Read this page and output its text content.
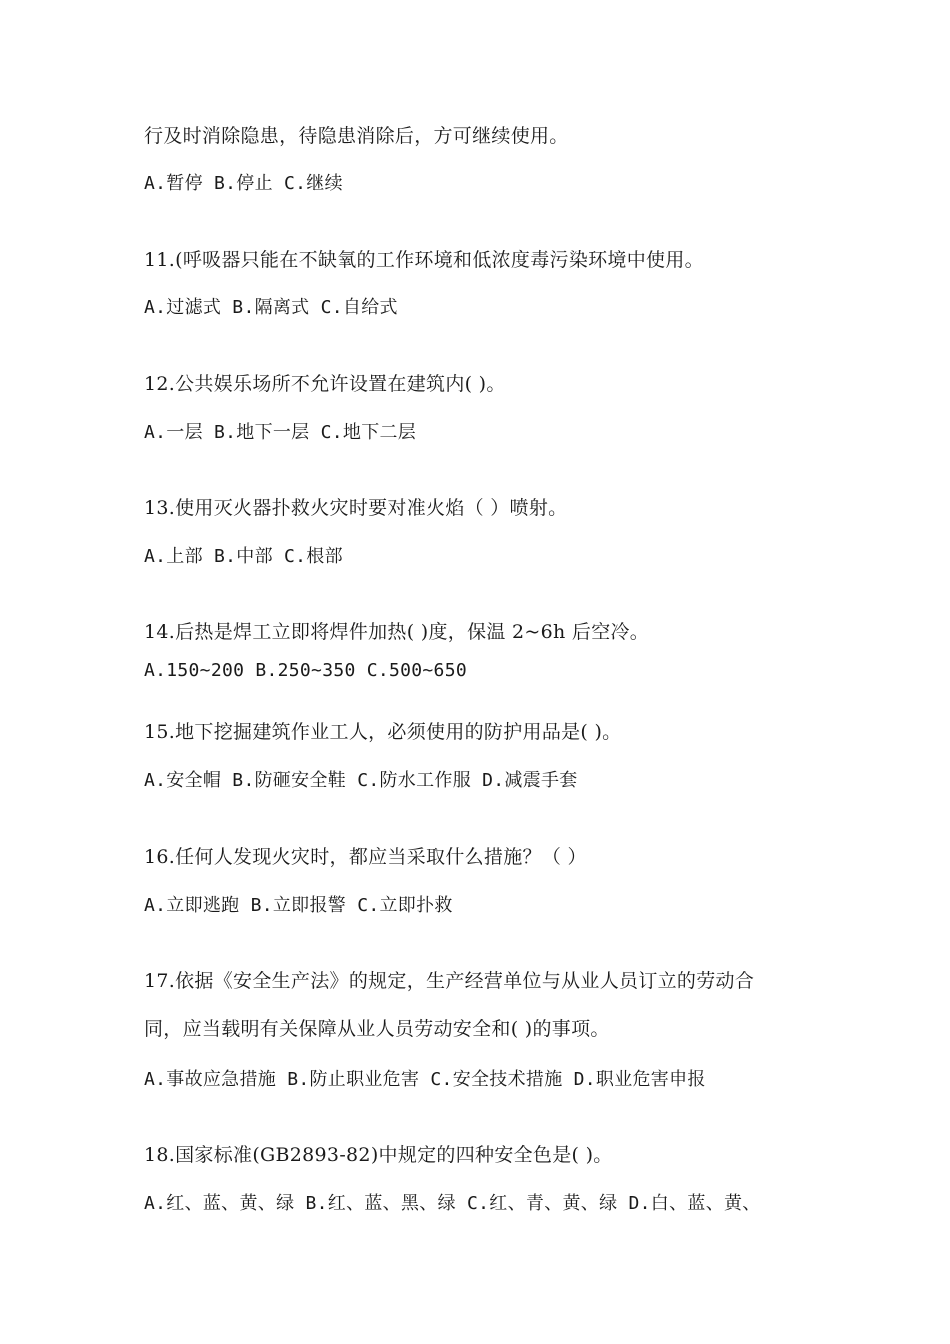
行及时消除隐患，待隐患消除后，方可继续使用。
A.暂停 B.停止 C.继续
11.(呼吸器只能在不缺氧的工作环境和低浓度毒污染环境中使用。
A.过滤式 B.隔离式 C.自给式
12.公共娱乐场所不允许设置在建筑内( )。
A.一层 B.地下一层 C.地下二层
13.使用灭火器扑救火灾时要对准火焰（ ）喷射。
A.上部 B.中部 C.根部
14.后热是焊工立即将焊件加热( )度，保温 2~6h 后空冷。
A.150~200 B.250~350 C.500~650
15.地下挖掘建筑作业工人，必须使用的防护用品是( )。
A.安全帽 B.防砸安全鞋 C.防水工作服 D.减震手套
16.任何人发现火灾时，都应当采取什么措施？（ ）
A.立即逃跑 B.立即报警 C.立即扑救
17.依据《安全生产法》的规定，生产经营单位与从业人员订立的劳动合
同，应当载明有关保障从业人员劳动安全和( )的事项。
A.事故应急措施 B.防止职业危害 C.安全技术措施 D.职业危害申报
18.国家标准(GB2893-82)中规定的四种安全色是( )。
A.红、蓝、黄、绿 B.红、蓝、黑、绿 C.红、青、黄、绿 D.白、蓝、黄、
